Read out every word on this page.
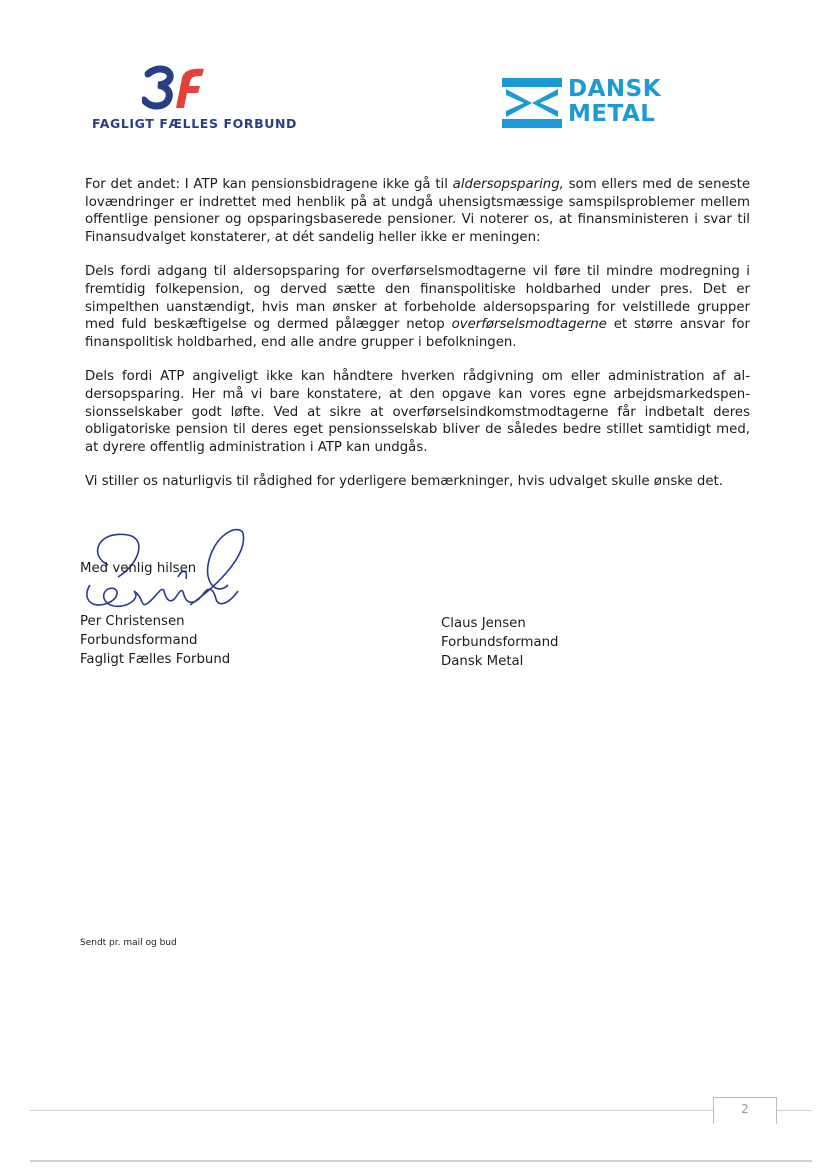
FAGLIGT FÆLLES FORBUND
DANSK
METAL

For det andet: I ATP kan pensionsbidragene ikke gå til aldersopsparing, som ellers med de seneste lovændringer er indrettet med henblik på at undgå uhensigtsmæssige samspilsproblemer mellem offentlige pensioner og opsparingsbaserede pensioner. Vi noterer os, at finansministeren i svar til Finansudvalget konstaterer, at dét sandelig heller ikke er meningen:

Dels fordi adgang til aldersopsparing for overførselsmodtagerne vil føre til mindre modregning i fremtidig folkepension, og derved sætte den finanspolitiske holdbarhed under pres. Det er simpelthen uanstændigt, hvis man ønsker at forbeholde aldersopsparing for velstillede grupper med fuld beskæftigelse og dermed pålægger netop overførselsmodtagerne et større ansvar for finanspolitisk holdbarhed, end alle andre grupper i befolkningen.

Dels fordi ATP angiveligt ikke kan håndtere hverken rådgivning om eller administration af aldersopsparing. Her må vi bare konstatere, at den opgave kan vores egne arbejdsmarkedspensionsselskaber godt løfte. Ved at sikre at overførselsindkomstmodtagerne får indbetalt deres obligatoriske pension til deres eget pensionsselskab bliver de således bedre stillet samtidigt med, at dyrere offentlig administration i ATP kan undgås.

Vi stiller os naturligvis til rådighed for yderligere bemærkninger, hvis udvalget skulle ønske det.

Med venlig hilsen
Per Christensen
Forbundsformand
Fagligt Fælles Forbund
Claus Jensen
Forbundsformand
Dansk Metal
Sendt pr. mail og bud
2
